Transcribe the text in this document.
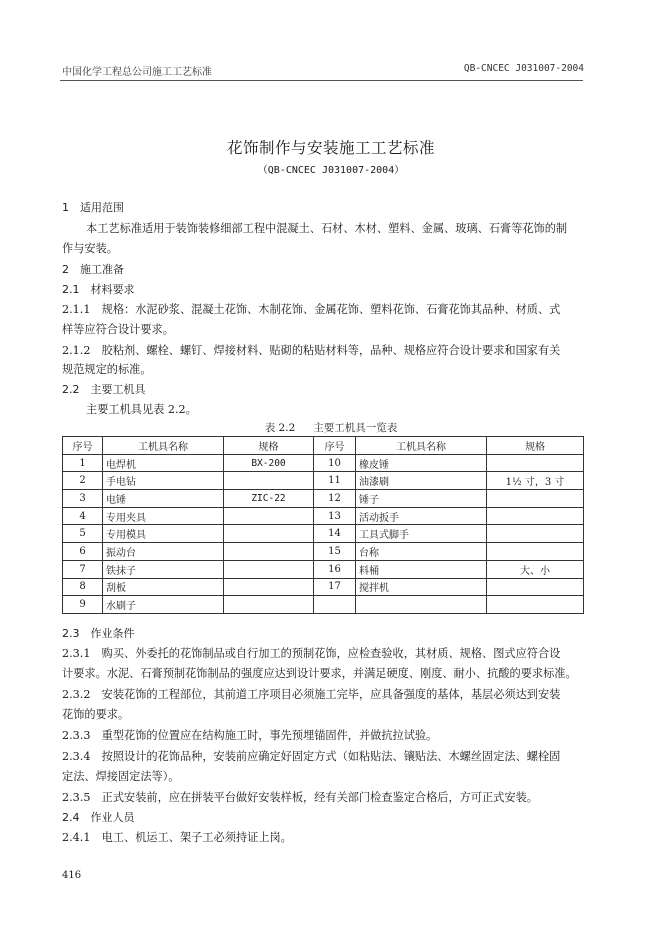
中国化学工程总公司施工工艺标准	QB-CNCEC J031007-2004
花饰制作与安装施工工艺标准
（QB-CNCEC J031007-2004）
1　适用范围
本工艺标准适用于装饰装修细部工程中混凝土、石材、木材、塑料、金属、玻璃、石膏等花饰的制
作与安装。
2　施工准备
2.1　材料要求
2.1.1　规格：水泥砂浆、混凝土花饰、木制花饰、金属花饰、塑料花饰、石膏花饰其品种、材质、式
样等应符合设计要求。
2.1.2　胶粘剂、螺栓、螺钉、焊接材料、贴砌的粘贴材料等，品种、规格应符合设计要求和国家有关
规范规定的标准。
2.2　主要工机具
主要工机具见表 2.2。
表 2.2 主要工机具一览表
序号	工机具名称	规格	序号	工机具名称	规格
1	电焊机	BX-200	10	橡皮锤	
2	手电钻		11	油漆刷	1½ 寸，3 寸
3	电锤	ZIC-22	12	锤子	
4	专用夹具		13	活动扳手	
5	专用模具		14	工具式脚手	
6	振动台		15	台称	
7	铁抹子		16	料桶	大、小
8	刮板		17	搅拌机	
9	水刷子				
2.3　作业条件
2.3.1　购买、外委托的花饰制品或自行加工的预制花饰，应检查验收，其材质、规格、图式应符合设
计要求。水泥、石膏预制花饰制品的强度应达到设计要求，并满足硬度、刚度、耐小、抗酸的要求标准。
2.3.2　安装花饰的工程部位，其前道工序项目必须施工完毕，应具备强度的基体，基层必须达到安装
花饰的要求。
2.3.3　重型花饰的位置应在结构施工时，事先预埋锚固件，并做抗拉试验。
2.3.4　按照设计的花饰品种，安装前应确定好固定方式（如粘贴法、镶贴法、木螺丝固定法、螺栓固
定法、焊接固定法等）。
2.3.5　正式安装前，应在拼装平台做好安装样板，经有关部门检查鉴定合格后，方可正式安装。
2.4　作业人员
2.4.1　电工、机运工、架子工必须持证上岗。
416
